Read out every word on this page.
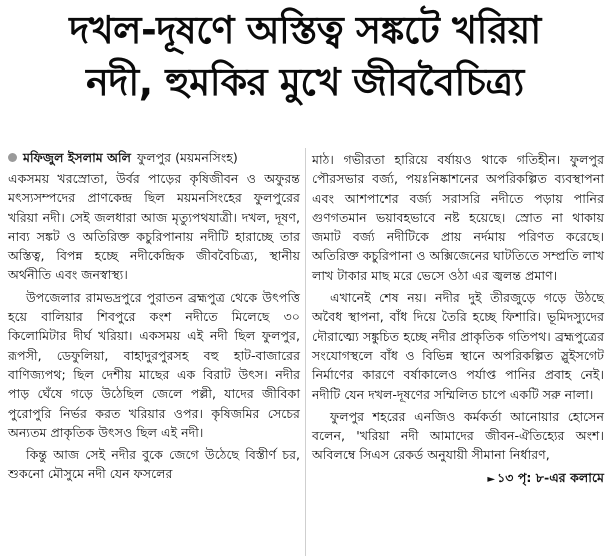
দখল-দূষণে অস্তিত্ব সঙ্কটে খরিয়া
নদী, হুমকির মুখে জীববৈচিত্র্য
মফিজুল ইসলাম অলি ফুলপুর (ময়মনসিংহ)

একসময় খরস্রোতা, উর্বর পাড়ের কৃষিজীবন ও অফুরন্ত মৎস্যসম্পদের প্রাণকেন্দ্র ছিল ময়মনসিংহের ফুলপুরের খরিয়া নদী। সেই জলধারা আজ মৃত্যুপথযাত্রী। দখল, দূষণ, নাব্য সঙ্কট ও অতিরিক্ত কচুরিপানায় নদীটি হারাচ্ছে তার অস্তিত্ব, বিপন্ন হচ্ছে নদীকেন্দ্রিক জীববৈচিত্র্য, স্থানীয় অর্থনীতি এবং জনস্বাস্থ্য।

উপজেলার রামভদ্রপুরে পুরাতন ব্রহ্মপুত্র থেকে উৎপত্তি হয়ে বালিয়ার শিবপুরে কংশ নদীতে মিলেছে ৩০ কিলোমিটার দীর্ঘ খরিয়া। একসময় এই নদী ছিল ফুলপুর, রূপসী, ডেফুলিয়া, বাহাদুরপুরসহ বহু হাট-বাজারের বাণিজ্যপথ; ছিল দেশীয় মাছের এক বিরাট উৎস। নদীর পাড় ঘেঁষে গড়ে উঠেছিল জেলে পল্লী, যাদের জীবিকা পুরোপুরি নির্ভর করত খরিয়ার ওপর। কৃষিজমির সেচের অন্যতম প্রাকৃতিক উৎসও ছিল এই নদী।

কিন্তু আজ সেই নদীর বুকে জেগে উঠেছে বিস্তীর্ণ চর, শুকনো মৌসুমে নদী যেন ফসলের

মাঠ। গভীরতা হারিয়ে বর্ষায়ও থাকে গতিহীন। ফুলপুর পৌরসভার বর্জ্য, পয়ঃনিষ্কাশনের অপরিকল্পিত ব্যবস্থাপনা এবং আশপাশের বর্জ্য সরাসরি নদীতে পড়ায় পানির গুণগতমান ভয়াবহভাবে নষ্ট হয়েছে। স্রোত না থাকায় জমাট বর্জ্য নদীটিকে প্রায় নর্দমায় পরিণত করেছে। অতিরিক্ত কচুরিপানা ও অক্সিজেনের ঘাটতিতে সম্প্রতি লাখ লাখ টাকার মাছ মরে ভেসে ওঠা এর জ্বলন্ত প্রমাণ।

এখানেই শেষ নয়। নদীর দুই তীরজুড়ে গড়ে উঠছে অবৈধ স্থাপনা, বাঁধ দিয়ে তৈরি হচ্ছে ফিশারি। ভূমিদস্যুদের দৌরাত্ম্যে সঙ্কুচিত হচ্ছে নদীর প্রাকৃতিক গতিপথ। ব্রহ্মপুত্রের সংযোগস্থলে বাঁধ ও বিভিন্ন স্থানে অপরিকল্পিত স্লুইসগেট নির্মাণের কারণে বর্ষাকালেও পর্যাপ্ত পানির প্রবাহ নেই। নদীটি যেন দখল-দূষণের সম্মিলিত চাপে একটি সরু নালা।

ফুলপুর শহরের এনজিও কর্মকর্তা আনোয়ার হোসেন বলেন, 'খরিয়া নদী আমাদের জীবন-ঐতিহ্যের অংশ। অবিলম্বে সিএস রেকর্ড অনুযায়ী সীমানা নির্ধারণ,

► ১৩ পৃ: ৮-এর কলামে
